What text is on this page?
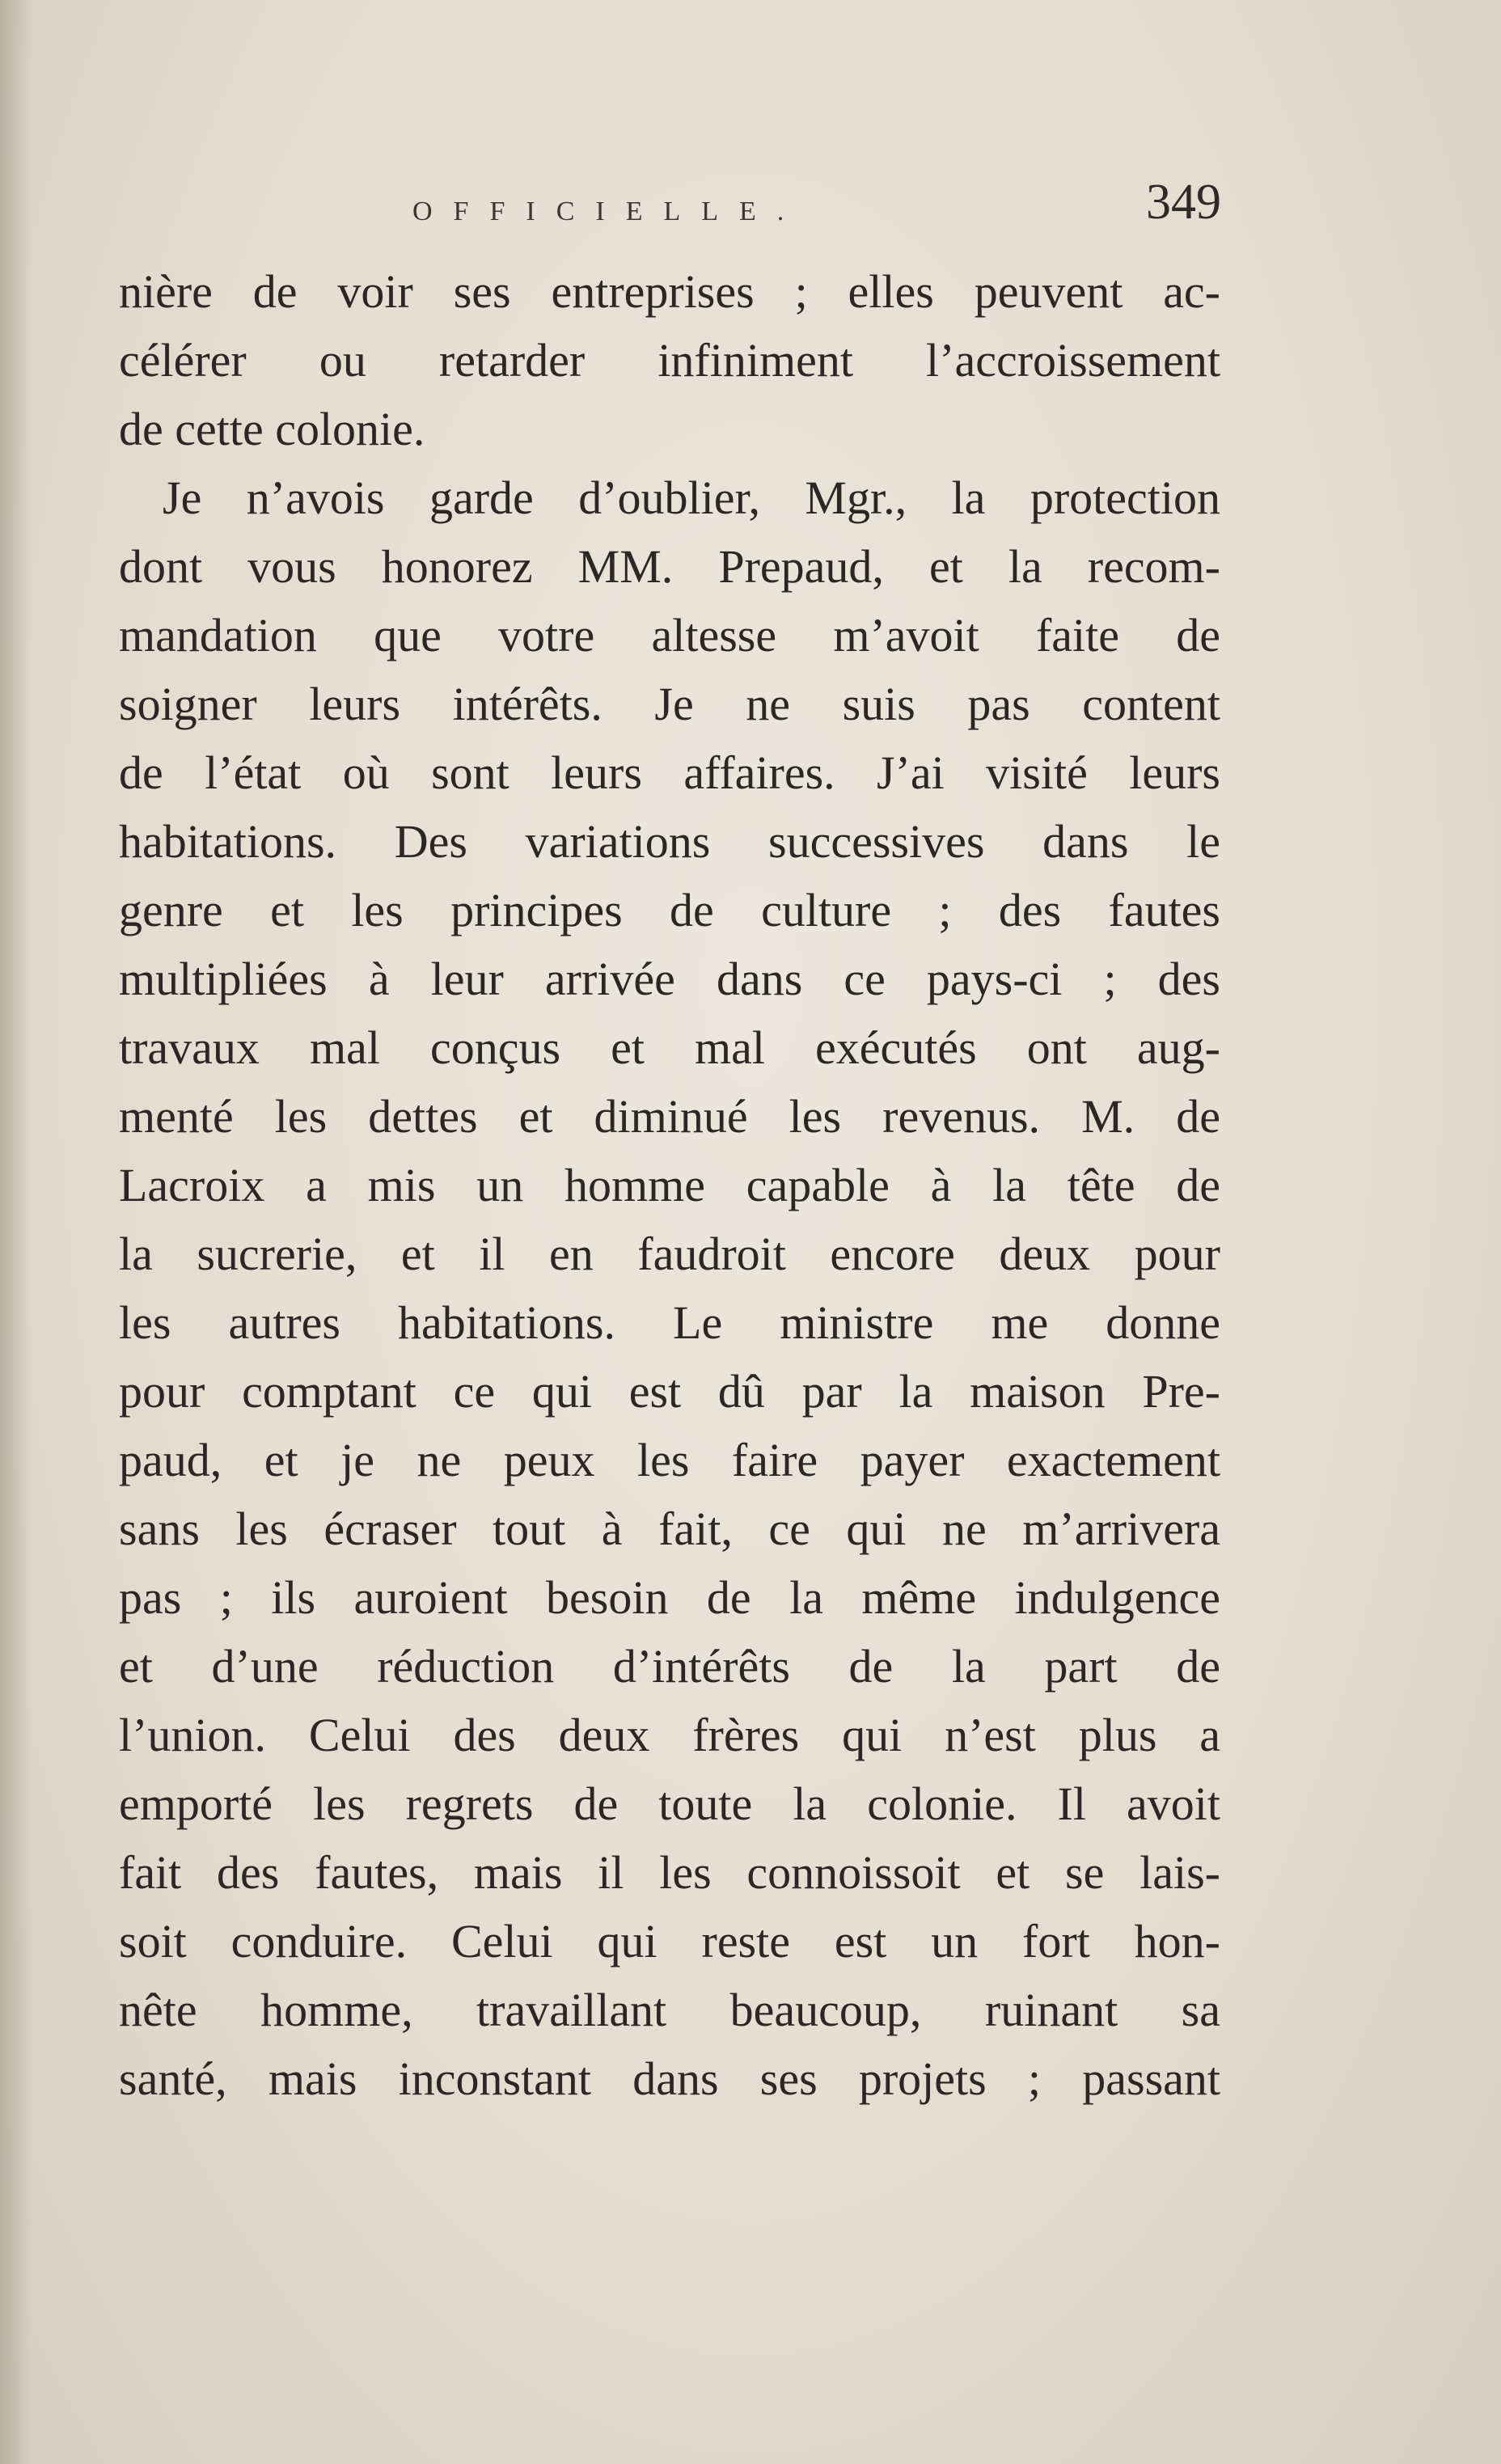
OFFICIELLE.	349
nière de voir ses entreprises ; elles peuvent ac-
célérer ou retarder infiniment l’accroissement
de cette colonie.
Je n’avois garde d’oublier, Mgr., la protection
dont vous honorez MM. Prepaud, et la recom-
mandation que votre altesse m’avoit faite de
soigner leurs intérêts. Je ne suis pas content
de l’état où sont leurs affaires. J’ai visité leurs
habitations. Des variations successives dans le
genre et les principes de culture ; des fautes
multipliées à leur arrivée dans ce pays-ci ; des
travaux mal conçus et mal exécutés ont aug-
menté les dettes et diminué les revenus. M. de
Lacroix a mis un homme capable à la tête de
la sucrerie, et il en faudroit encore deux pour
les autres habitations. Le ministre me donne
pour comptant ce qui est dû par la maison Pre-
paud, et je ne peux les faire payer exactement
sans les écraser tout à fait, ce qui ne m’arrivera
pas ; ils auroient besoin de la même indulgence
et d’une réduction d’intérêts de la part de
l’union. Celui des deux frères qui n’est plus a
emporté les regrets de toute la colonie. Il avoit
fait des fautes, mais il les connoissoit et se lais-
soit conduire. Celui qui reste est un fort hon-
nête homme, travaillant beaucoup, ruinant sa
santé, mais inconstant dans ses projets ; passant
